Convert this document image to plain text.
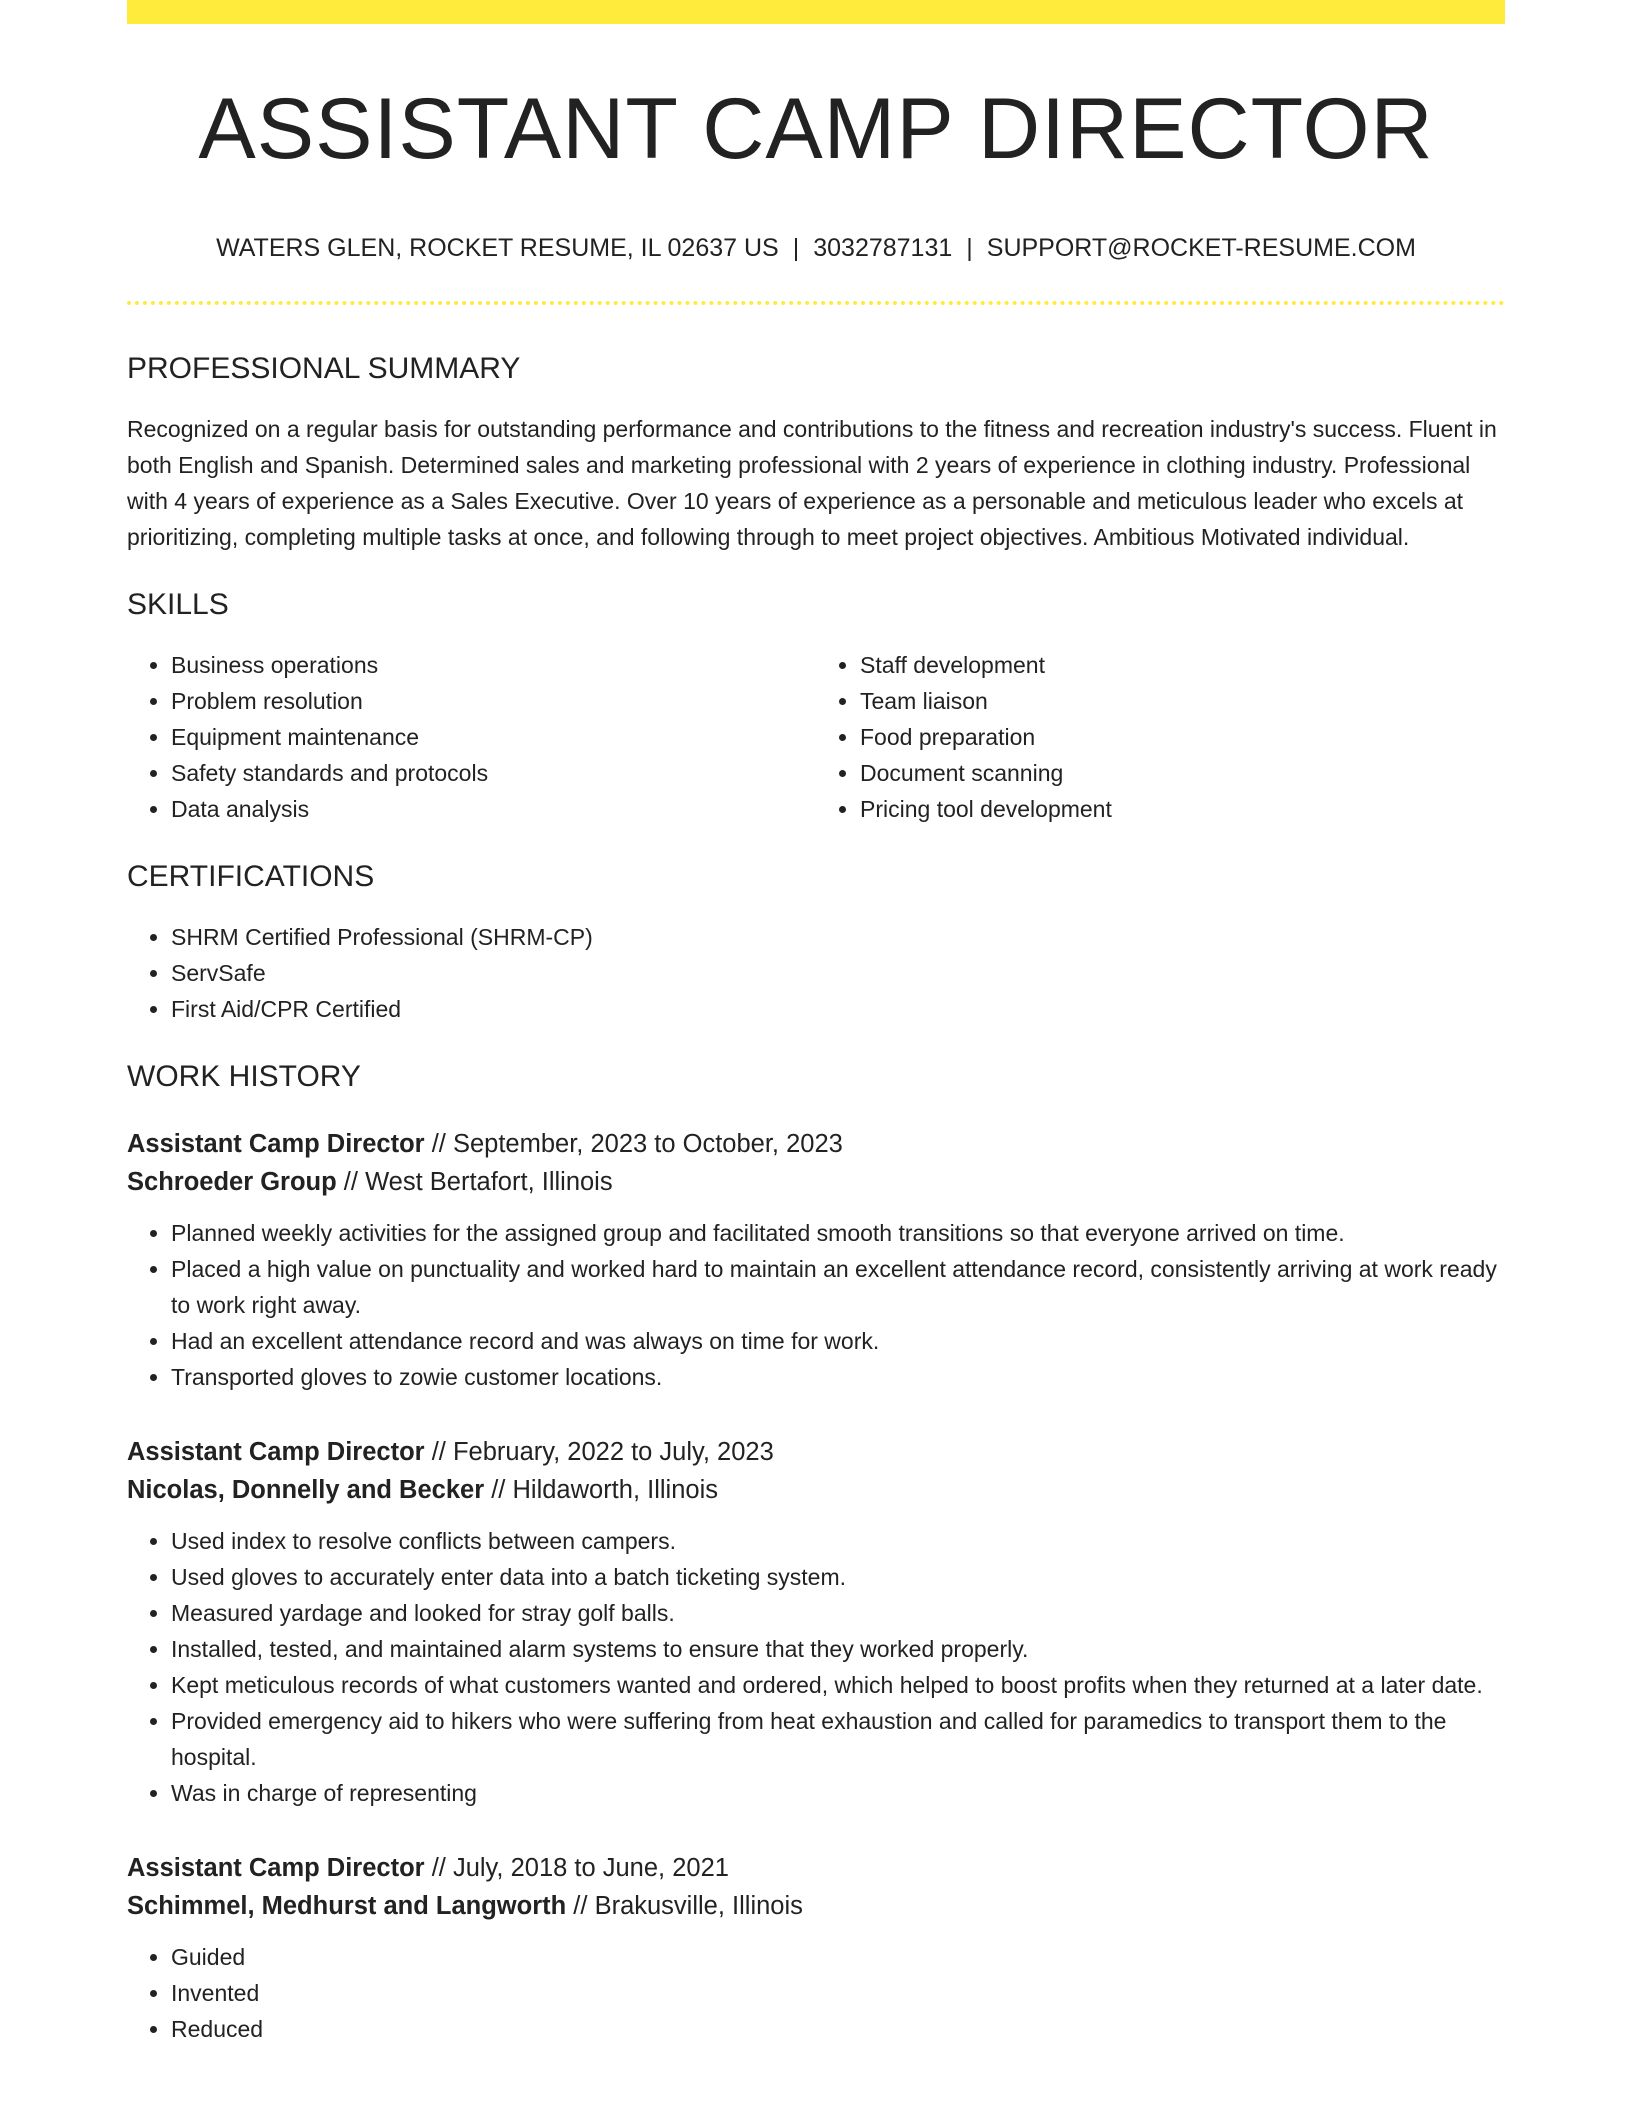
ASSISTANT CAMP DIRECTOR
WATERS GLEN, ROCKET RESUME, IL 02637 US | 3032787131 | SUPPORT@ROCKET-RESUME.COM
PROFESSIONAL SUMMARY

Recognized on a regular basis for outstanding performance and contributions to the fitness and recreation industry's success. Fluent in both English and Spanish. Determined sales and marketing professional with 2 years of experience in clothing industry. Professional with 4 years of experience as a Sales Executive. Over 10 years of experience as a personable and meticulous leader who excels at prioritizing, completing multiple tasks at once, and following through to meet project objectives. Ambitious Motivated individual.

SKILLS
• Business operations
• Problem resolution
• Equipment maintenance
• Safety standards and protocols
• Data analysis
• Staff development
• Team liaison
• Food preparation
• Document scanning
• Pricing tool development
CERTIFICATIONS
• SHRM Certified Professional (SHRM-CP)
• ServSafe
• First Aid/CPR Certified
WORK HISTORY
Assistant Camp Director // September, 2023 to October, 2023
Schroeder Group // West Bertafort, Illinois
• Planned weekly activities for the assigned group and facilitated smooth transitions so that everyone arrived on time.
• Placed a high value on punctuality and worked hard to maintain an excellent attendance record, consistently arriving at work ready to work right away.
• Had an excellent attendance record and was always on time for work.
• Transported gloves to zowie customer locations.
Assistant Camp Director // February, 2022 to July, 2023
Nicolas, Donnelly and Becker // Hildaworth, Illinois
• Used index to resolve conflicts between campers.
• Used gloves to accurately enter data into a batch ticketing system.
• Measured yardage and looked for stray golf balls.
• Installed, tested, and maintained alarm systems to ensure that they worked properly.
• Kept meticulous records of what customers wanted and ordered, which helped to boost profits when they returned at a later date.
• Provided emergency aid to hikers who were suffering from heat exhaustion and called for paramedics to transport them to the hospital.
• Was in charge of representing
Assistant Camp Director // July, 2018 to June, 2021
Schimmel, Medhurst and Langworth // Brakusville, Illinois
• Guided
• Invented
• Reduced
